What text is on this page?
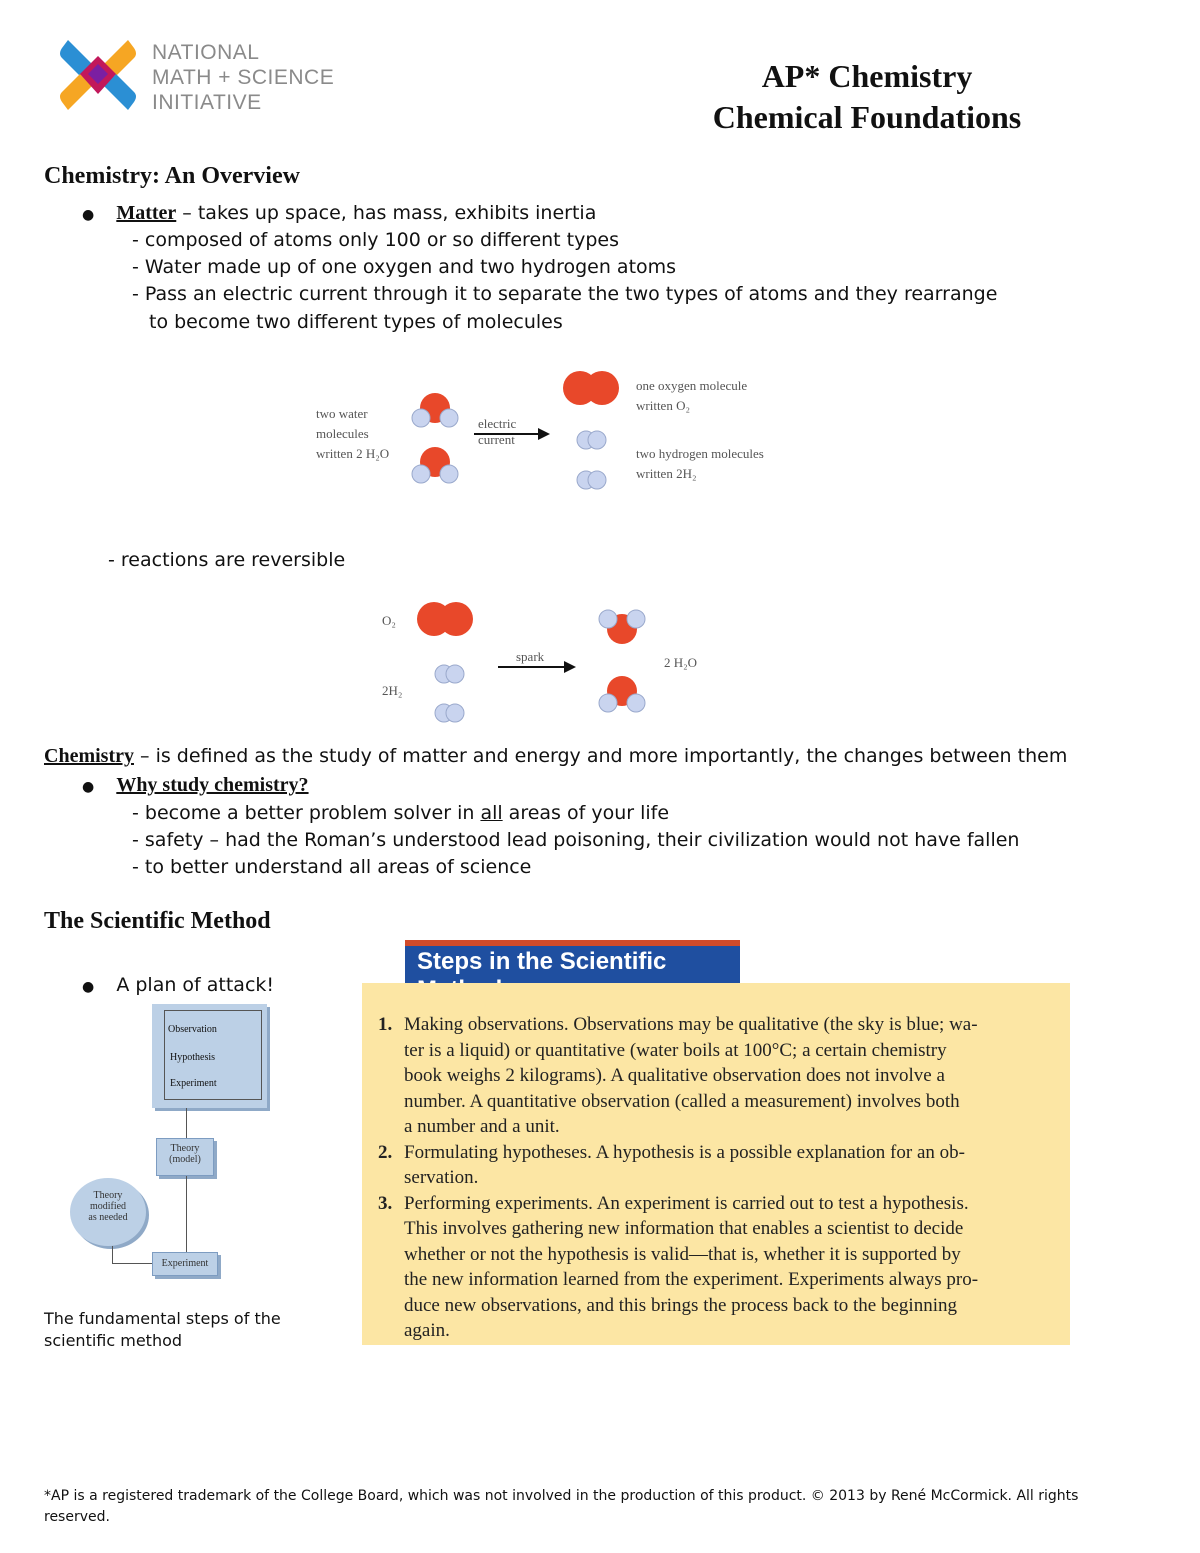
NATIONAL
MATH + SCIENCE
INITIATIVE
AP* Chemistry
Chemical Foundations
Chemistry: An Overview
● Matter – takes up space, has mass, exhibits inertia
- composed of atoms only 100 or so different types
- Water made up of one oxygen and two hydrogen atoms
- Pass an electric current through it to separate the two types of atoms and they rearrange
to become two different types of molecules
two water
molecules
written 2 H₂O
electric
current
one oxygen molecule
written O₂
two hydrogen molecules
written 2H₂
- reactions are reversible
O₂
2H₂
spark	2 H₂O
Chemistry – is defined as the study of matter and energy and more importantly, the changes between them
● Why study chemistry?
- become a better problem solver in all areas of your life
- safety – had the Roman’s understood lead poisoning, their civilization would not have fallen
- to better understand all areas of science
The Scientific Method
● A plan of attack!
Observation
Hypothesis
Experiment
Theory
(model)
Theory
modified
as needed
Experiment
The fundamental steps of the
scientific method
Steps in the Scientific
1. Making observations. Observations may be qualitative (the sky is blue; wa-
ter is a liquid) or quantitative (water boils at 100°C; a certain chemistry
book weighs 2 kilograms). A qualitative observation does not involve a
number. A quantitative observation (called a measurement) involves both
a number and a unit.
2. Formulating hypotheses. A hypothesis is a possible explanation for an ob-
servation.
3. Performing experiments. An experiment is carried out to test a hypothesis.
This involves gathering new information that enables a scientist to decide
whether or not the hypothesis is valid—that is, whether it is supported by
the new information learned from the experiment. Experiments always pro-
duce new observations, and this brings the process back to the beginning
again.
*AP is a registered trademark of the College Board, which was not involved in the production of this product. © 2013 by René McCormick. All rights
reserved.
